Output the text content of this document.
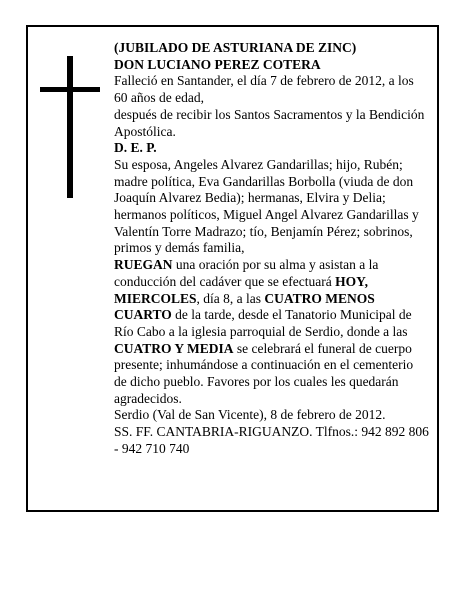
(JUBILADO DE ASTURIANA DE ZINC)

DON LUCIANO PEREZ COTERA

Falleció en Santander, el día 7 de febrero de 2012, a los 60 años de edad,

después de recibir los Santos Sacramentos y la Bendición Apostólica.

D. E. P.

Su esposa, Angeles Alvarez Gandarillas; hijo, Rubén; madre política, Eva Gandarillas Borbolla (viuda de don Joaquín Alvarez Bedia); hermanas, Elvira y Delia; hermanos políticos, Miguel Angel Alvarez Gandarillas y Valentín Torre Madrazo; tío, Benjamín Pérez; sobrinos, primos y demás familia,

RUEGAN una oración por su alma y asistan a la conducción del cadáver que se efectuará HOY, MIERCOLES, día 8, a las CUATRO MENOS CUARTO de la tarde, desde el Tanatorio Municipal de Río Cabo a la iglesia parroquial de Serdio, donde a las CUATRO Y MEDIA se celebrará el funeral de cuerpo presente; inhumándose a continuación en el cementerio de dicho pueblo. Favores por los cuales les quedarán agradecidos.

Serdio (Val de San Vicente), 8 de febrero de 2012.

SS. FF. CANTABRIA-RIGUANZO. Tlfnos.: 942 892 806 - 942 710 740
